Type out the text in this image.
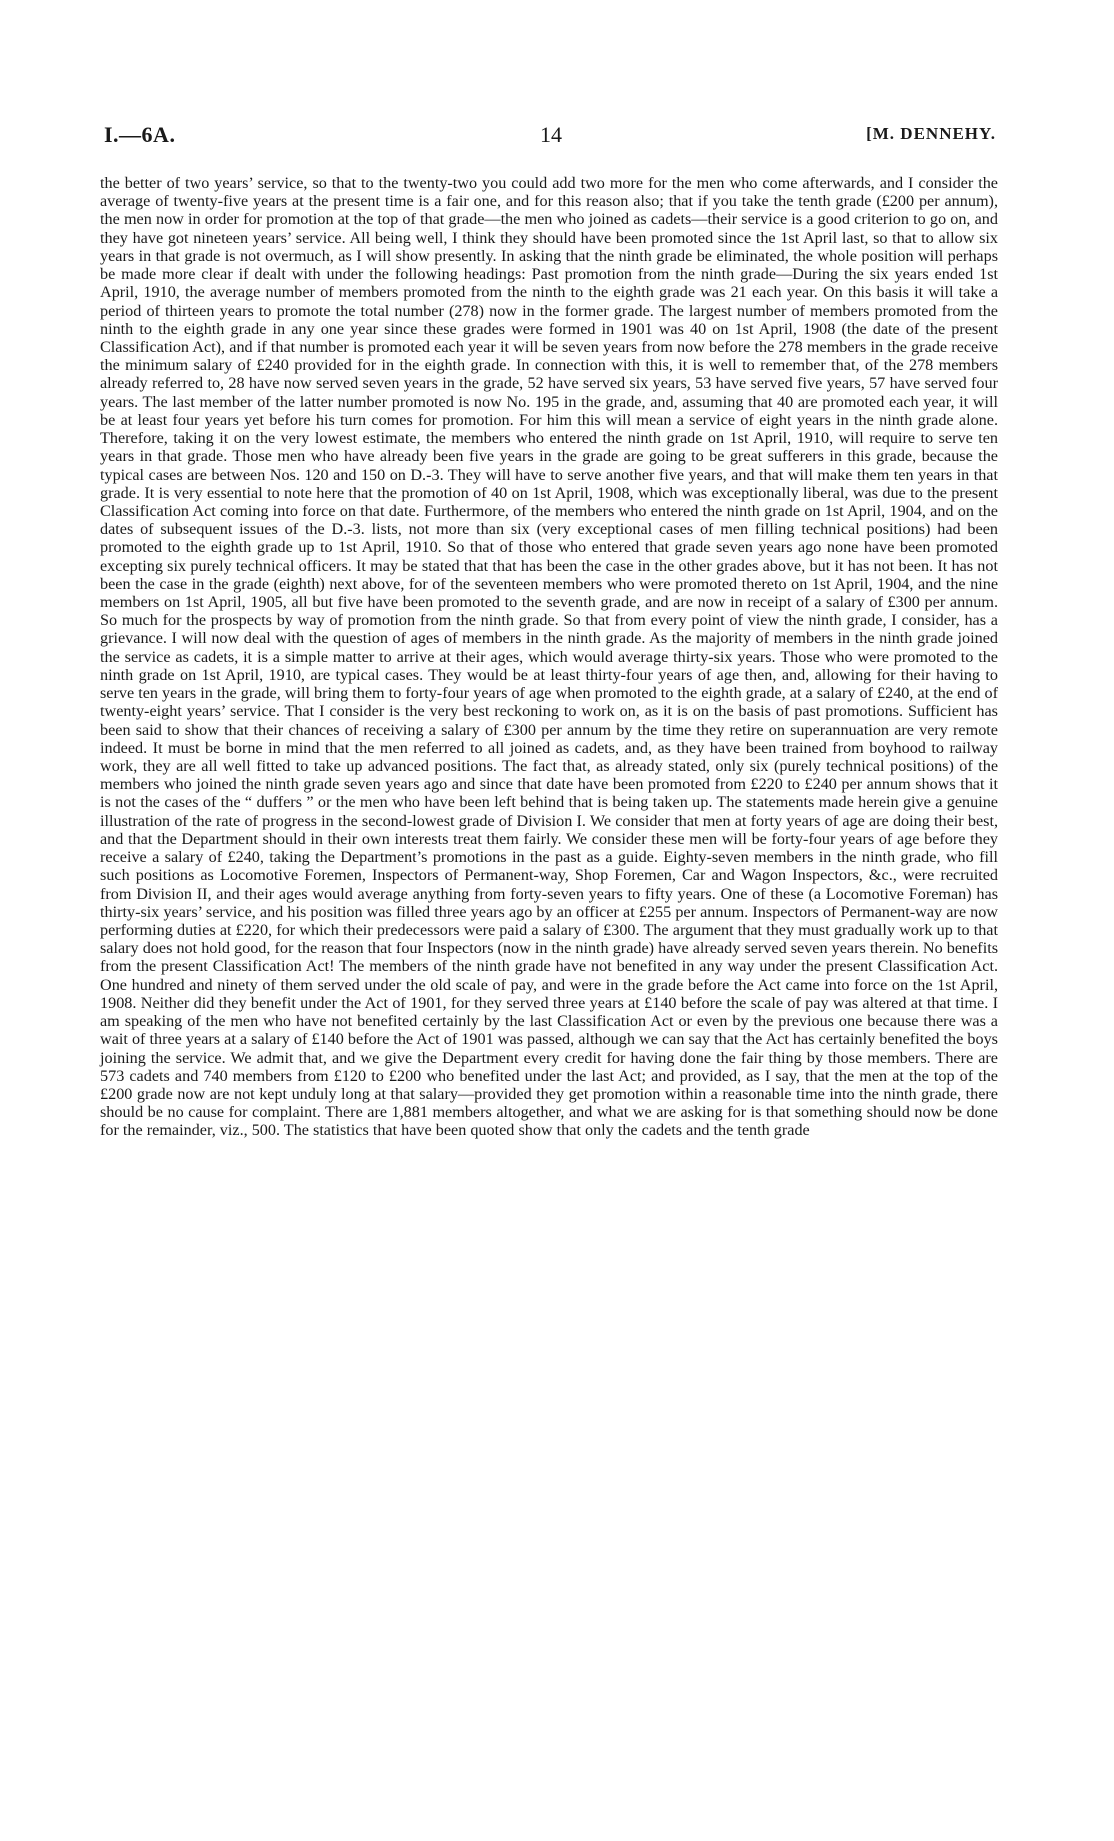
I.—6A.	14	[M. DENNEHY.

the better of two years’ service, so that to the twenty-two you could add two more for the men who come afterwards, and I consider the average of twenty-five years at the present time is a fair one, and for this reason also; that if you take the tenth grade (£200 per annum), the men now in order for promotion at the top of that grade—the men who joined as cadets—their service is a good criterion to go on, and they have got nineteen years’ service. All being well, I think they should have been promoted since the 1st April last, so that to allow six years in that grade is not overmuch, as I will show presently. In asking that the ninth grade be eliminated, the whole position will perhaps be made more clear if dealt with under the following headings: Past promotion from the ninth grade—During the six years ended 1st April, 1910, the average number of members promoted from the ninth to the eighth grade was 21 each year. On this basis it will take a period of thirteen years to promote the total number (278) now in the former grade. The largest number of members promoted from the ninth to the eighth grade in any one year since these grades were formed in 1901 was 40 on 1st April, 1908 (the date of the present Classification Act), and if that number is promoted each year it will be seven years from now before the 278 members in the grade receive the minimum salary of £240 provided for in the eighth grade. In connection with this, it is well to remember that, of the 278 members already referred to, 28 have now served seven years in the grade, 52 have served six years, 53 have served five years, 57 have served four years. The last member of the latter number promoted is now No. 195 in the grade, and, assuming that 40 are promoted each year, it will be at least four years yet before his turn comes for promotion. For him this will mean a service of eight years in the ninth grade alone. Therefore, taking it on the very lowest estimate, the members who entered the ninth grade on 1st April, 1910, will require to serve ten years in that grade. Those men who have already been five years in the grade are going to be great sufferers in this grade, because the typical cases are between Nos. 120 and 150 on D.-3. They will have to serve another five years, and that will make them ten years in that grade. It is very essential to note here that the promotion of 40 on 1st April, 1908, which was exceptionally liberal, was due to the present Classification Act coming into force on that date. Furthermore, of the members who entered the ninth grade on 1st April, 1904, and on the dates of subsequent issues of the D.-3. lists, not more than six (very exceptional cases of men filling technical positions) had been promoted to the eighth grade up to 1st April, 1910. So that of those who entered that grade seven years ago none have been promoted excepting six purely technical officers. It may be stated that that has been the case in the other grades above, but it has not been. It has not been the case in the grade (eighth) next above, for of the seventeen members who were promoted thereto on 1st April, 1904, and the nine members on 1st April, 1905, all but five have been promoted to the seventh grade, and are now in receipt of a salary of £300 per annum. So much for the prospects by way of promotion from the ninth grade. So that from every point of view the ninth grade, I consider, has a grievance. I will now deal with the question of ages of members in the ninth grade. As the majority of members in the ninth grade joined the service as cadets, it is a simple matter to arrive at their ages, which would average thirty-six years. Those who were promoted to the ninth grade on 1st April, 1910, are typical cases. They would be at least thirty-four years of age then, and, allowing for their having to serve ten years in the grade, will bring them to forty-four years of age when promoted to the eighth grade, at a salary of £240, at the end of twenty-eight years’ service. That I consider is the very best reckoning to work on, as it is on the basis of past promotions. Sufficient has been said to show that their chances of receiving a salary of £300 per annum by the time they retire on superannuation are very remote indeed. It must be borne in mind that the men referred to all joined as cadets, and, as they have been trained from boyhood to railway work, they are all well fitted to take up advanced positions. The fact that, as already stated, only six (purely technical positions) of the members who joined the ninth grade seven years ago and since that date have been promoted from £220 to £240 per annum shows that it is not the cases of the “ duffers ” or the men who have been left behind that is being taken up. The statements made herein give a genuine illustration of the rate of progress in the second-lowest grade of Division I. We consider that men at forty years of age are doing their best, and that the Department should in their own interests treat them fairly. We consider these men will be forty-four years of age before they receive a salary of £240, taking the Department’s promotions in the past as a guide. Eighty-seven members in the ninth grade, who fill such positions as Locomotive Foremen, Inspectors of Permanent-way, Shop Foremen, Car and Wagon Inspectors, &c., were recruited from Division II, and their ages would average anything from forty-seven years to fifty years. One of these (a Locomotive Foreman) has thirty-six years’ service, and his position was filled three years ago by an officer at £255 per annum. Inspectors of Permanent-way are now performing duties at £220, for which their predecessors were paid a salary of £300. The argument that they must gradually work up to that salary does not hold good, for the reason that four Inspectors (now in the ninth grade) have already served seven years therein. No benefits from the present Classification Act! The members of the ninth grade have not benefited in any way under the present Classification Act. One hundred and ninety of them served under the old scale of pay, and were in the grade before the Act came into force on the 1st April, 1908. Neither did they benefit under the Act of 1901, for they served three years at £140 before the scale of pay was altered at that time. I am speaking of the men who have not benefited certainly by the last Classification Act or even by the previous one because there was a wait of three years at a salary of £140 before the Act of 1901 was passed, although we can say that the Act has certainly benefited the boys joining the service. We admit that, and we give the Department every credit for having done the fair thing by those members. There are 573 cadets and 740 members from £120 to £200 who benefited under the last Act; and provided, as I say, that the men at the top of the £200 grade now are not kept unduly long at that salary—provided they get promotion within a reasonable time into the ninth grade, there should be no cause for complaint. There are 1,881 members altogether, and what we are asking for is that something should now be done for the remainder, viz., 500. The statistics that have been quoted show that only the cadets and the tenth grade
